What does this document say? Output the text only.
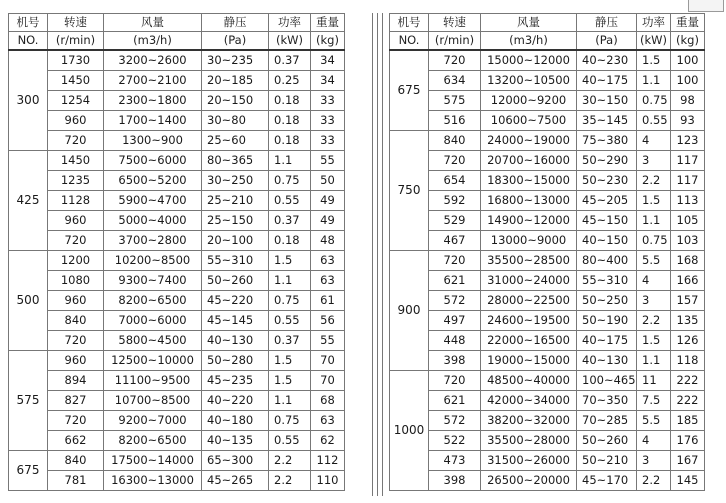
机号	转速	风量	静压	功率	重量
NO.	(r/min)	(m3/h)	(Pa)	(kW)	(kg)
300	1730	3200~2600	30~235	0.37	34
	1450	2700~2100	20~185	0.25	34
	1254	2300~1800	20~150	0.18	33
	960	1700~1400	30~80	0.18	33
	720	1300~900	25~60	0.18	33
425	1450	7500~6000	80~365	1.1	55
	1235	6500~5200	30~250	0.75	50
	1128	5900~4700	25~210	0.55	49
	960	5000~4000	25~150	0.37	49
	720	3700~2800	20~100	0.18	48
500	1200	10200~8500	55~310	1.5	63
	1080	9300~7400	50~260	1.1	63
	960	8200~6500	45~220	0.75	61
	840	7000~6000	45~145	0.55	56
	720	5800~4500	40~130	0.37	55
575	960	12500~10000	50~280	1.5	70
	894	11100~9500	45~235	1.5	70
	827	10700~8500	40~220	1.1	68
	720	9200~7000	40~180	0.75	63
	662	8200~6500	40~135	0.55	62
675	840	17500~14000	65~300	2.2	112
	781	16300~13000	45~265	2.2	110
机号	转速	风量	静压	功率	重量
NO.	(r/min)	(m3/h)	(Pa)	(kW)	(kg)
675	720	15000~12000	40~230	1.5	100
	634	13200~10500	40~175	1.1	100
	575	12000~9200	30~150	0.75	98
	516	10600~7500	35~145	0.55	93
750	840	24000~19000	75~380	4	123
	720	20700~16000	50~290	3	117
	654	18300~15000	50~230	2.2	117
	592	16800~13000	45~205	1.5	113
	529	14900~12000	45~150	1.1	105
	467	13000~9000	40~150	0.75	103
900	720	35500~28500	80~400	5.5	168
	621	31000~24000	55~310	4	166
	572	28000~22500	50~250	3	157
	497	24600~19500	50~190	2.2	135
	448	22000~16500	40~175	1.5	126
	398	19000~15000	40~130	1.1	118
1000	720	48500~40000	100~465	11	222
	621	42000~34000	70~350	7.5	222
	572	38200~32000	70~285	5.5	185
	522	35500~28000	50~260	4	176
	473	31500~26000	50~210	3	167
	398	26500~20000	45~170	2.2	145
